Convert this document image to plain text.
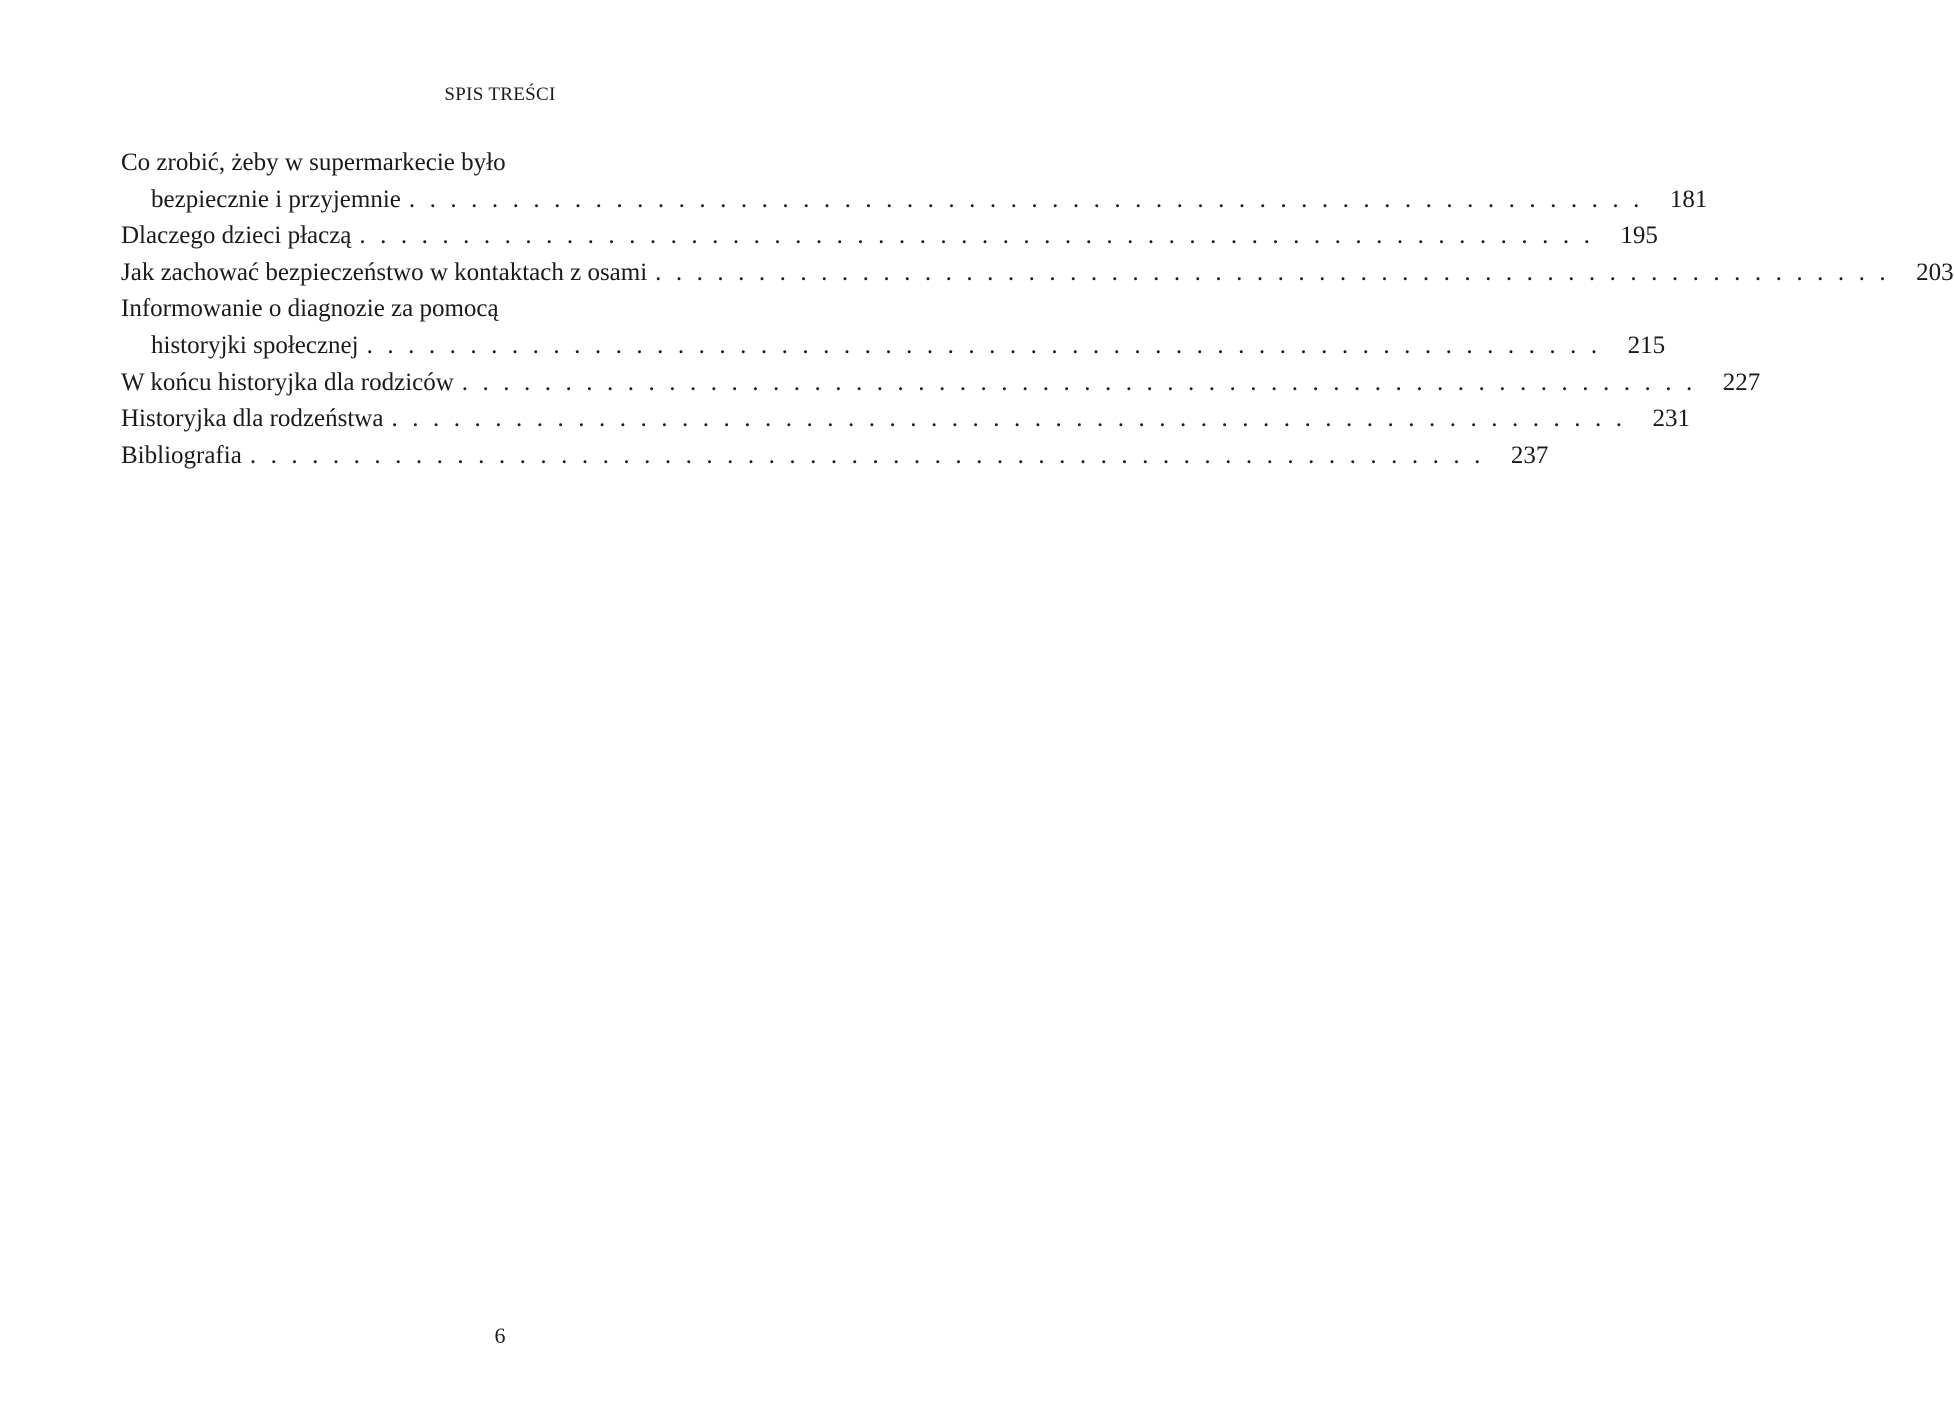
SPIS TREŚCI
Co zrobić, żeby w supermarkecie było
bezpiecznie i przyjemnie ............................................................ 181
Dlaczego dzieci płaczą ............................................................ 195
Jak zachować bezpieczeństwo w kontaktach z osami ............................................................ 203
Informowanie o diagnozie za pomocą
historyjki społecznej ............................................................ 215
W końcu historyjka dla rodziców ............................................................ 227
Historyjka dla rodzeństwa ............................................................ 231
Bibliografia ............................................................ 237
6
